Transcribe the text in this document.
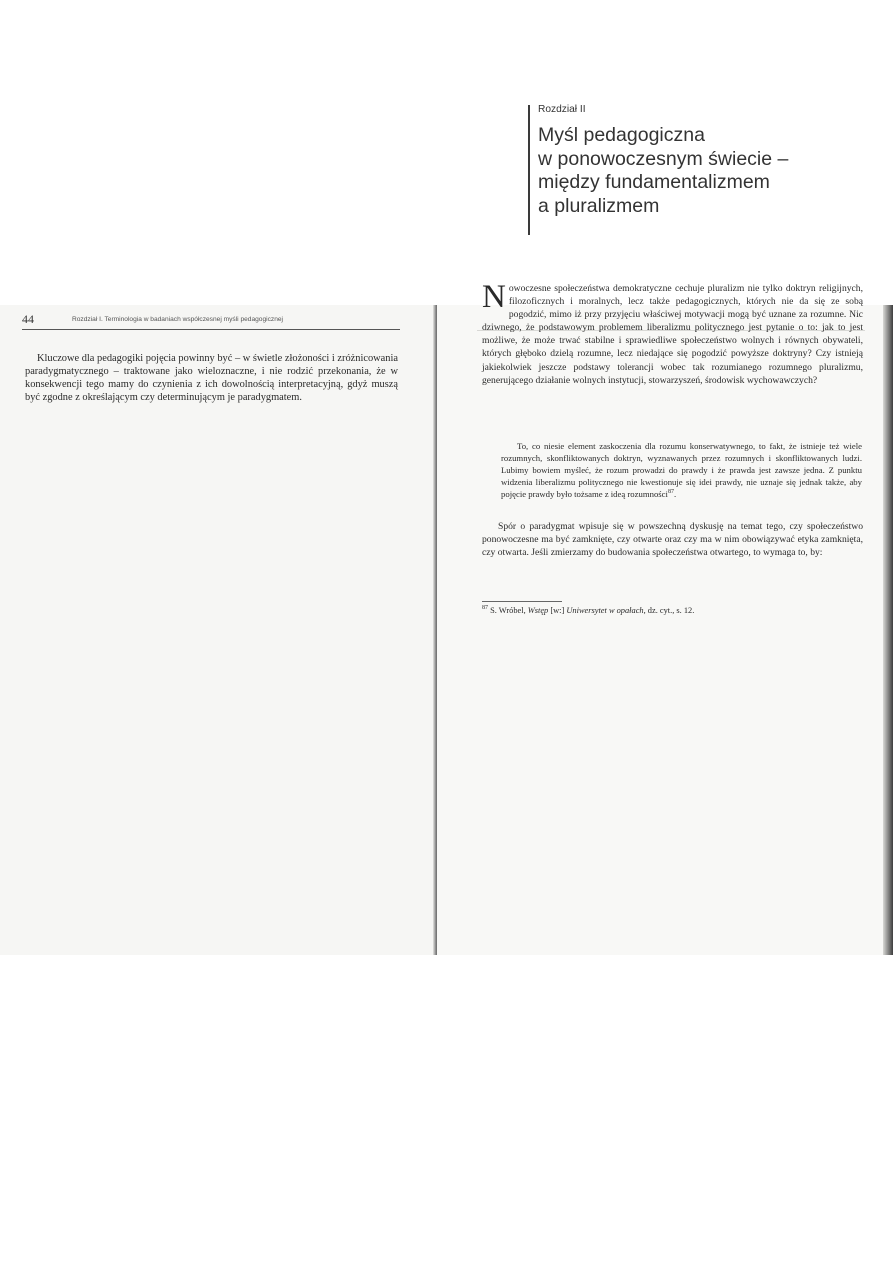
44	Rozdział I. Terminologia w badaniach współczesnej myśli pedagogicznej

Kluczowe dla pedagogiki pojęcia powinny być – w świetle złożoności i zróżnicowania paradygmatycznego – traktowane jako wieloznaczne, i nie rodzić przekonania, że w konsekwencji tego mamy do czynienia z ich dowolnością interpretacyjną, gdyż muszą być zgodne z określającym czy determinującym je paradygmatem.

Rozdział II
Myśl pedagogiczna
w ponowoczesnym świecie –
między fundamentalizmem
a pluralizmem

Nowoczesne społeczeństwa demokratyczne cechuje pluralizm nie tylko doktryn religijnych, filozoficznych i moralnych, lecz także pedagogicznych, których nie da się ze sobą pogodzić, mimo iż przy przyjęciu właściwej motywacji mogą być uznane za rozumne. Nic dziwnego, że podstawowym problemem liberalizmu politycznego jest pytanie o to: jak to jest możliwe, że może trwać stabilne i sprawiedliwe społeczeństwo wolnych i równych obywateli, których głęboko dzielą rozumne, lecz niedające się pogodzić powyższe doktryny? Czy istnieją jakiekolwiek jeszcze podstawy tolerancji wobec tak rozumianego rozumnego pluralizmu, generującego działanie wolnych instytucji, stowarzyszeń, środowisk wychowawczych?

To, co niesie element zaskoczenia dla rozumu konserwatywnego, to fakt, że istnieje też wiele rozumnych, skonfliktowanych doktryn, wyznawanych przez rozumnych i skonfliktowanych ludzi. Lubimy bowiem myśleć, że rozum prowadzi do prawdy i że prawda jest zawsze jedna. Z punktu widzenia liberalizmu politycznego nie kwestionuje się idei prawdy, nie uznaje się jednak także, aby pojęcie prawdy było tożsame z ideą rozumności$^{87}$.

Spór o paradygmat wpisuje się w powszechną dyskusję na temat tego, czy społeczeństwo ponowoczesne ma być zamknięte, czy otwarte oraz czy ma w nim obowiązywać etyka zamknięta, czy otwarta. Jeśli zmierzamy do budowania społeczeństwa otwartego, to wymaga to, by:

$^{87}$ S. Wróbel, Wstęp [w:] Uniwersytet w opałach, dz. cyt., s. 12.
